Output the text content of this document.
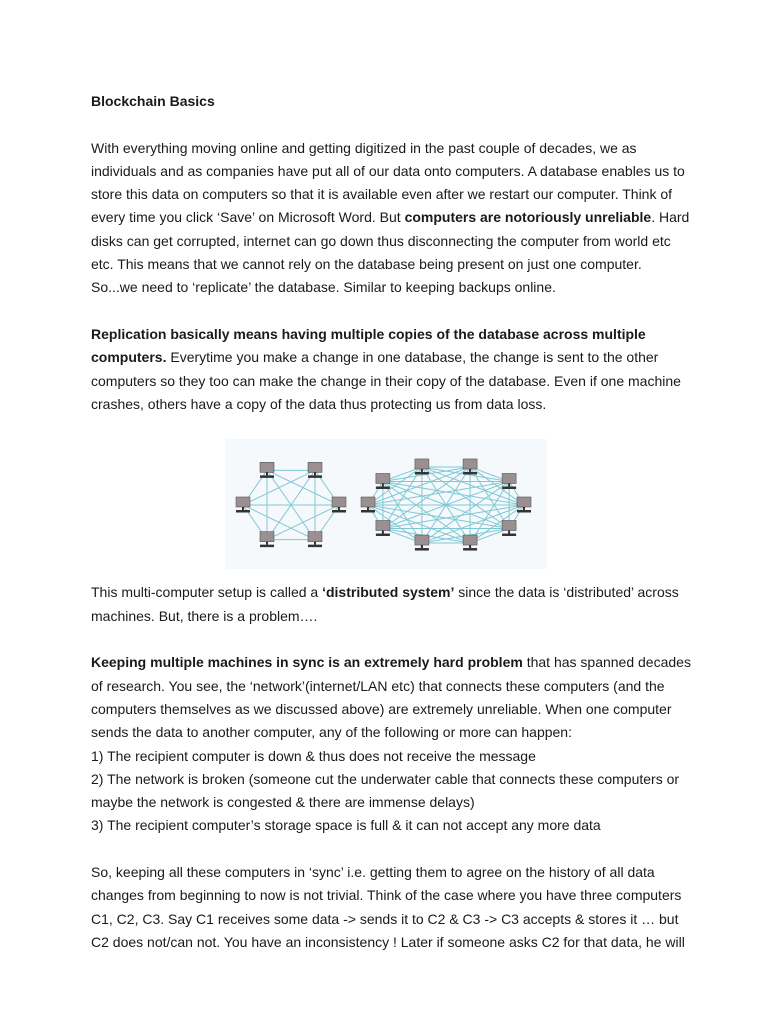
Blockchain Basics

With everything moving online and getting digitized in the past couple of decades, we as individuals and as companies have put all of our data onto computers. A database enables us to store this data on computers so that it is available even after we restart our computer. Think of every time you click ‘Save’ on Microsoft Word. But computers are notoriously unreliable. Hard disks can get corrupted, internet can go down thus disconnecting the computer from world etc etc. This means that we cannot rely on the database being present on just one computer. So...we need to ‘replicate’ the database. Similar to keeping backups online.

Replication basically means having multiple copies of the database across multiple computers. Everytime you make a change in one database, the change is sent to the other computers so they too can make the change in their copy of the database. Even if one machine crashes, others have a copy of the data thus protecting us from data loss.

This multi-computer setup is called a ‘distributed system’ since the data is ‘distributed’ across machines. But, there is a problem….

Keeping multiple machines in sync is an extremely hard problem that has spanned decades of research. You see, the ‘network’(internet/LAN etc) that connects these computers (and the computers themselves as we discussed above) are extremely unreliable. When one computer sends the data to another computer, any of the following or more can happen:

1) The recipient computer is down & thus does not receive the message
2) The network is broken (someone cut the underwater cable that connects these computers or maybe the network is congested & there are immense delays)
3) The recipient computer’s storage space is full & it can not accept any more data

So, keeping all these computers in ‘sync’ i.e. getting them to agree on the history of all data changes from beginning to now is not trivial. Think of the case where you have three computers C1, C2, C3. Say C1 receives some data -> sends it to C2 & C3 -> C3 accepts & stores it … but C2 does not/can not. You have an inconsistency ! Later if someone asks C2 for that data, he will
